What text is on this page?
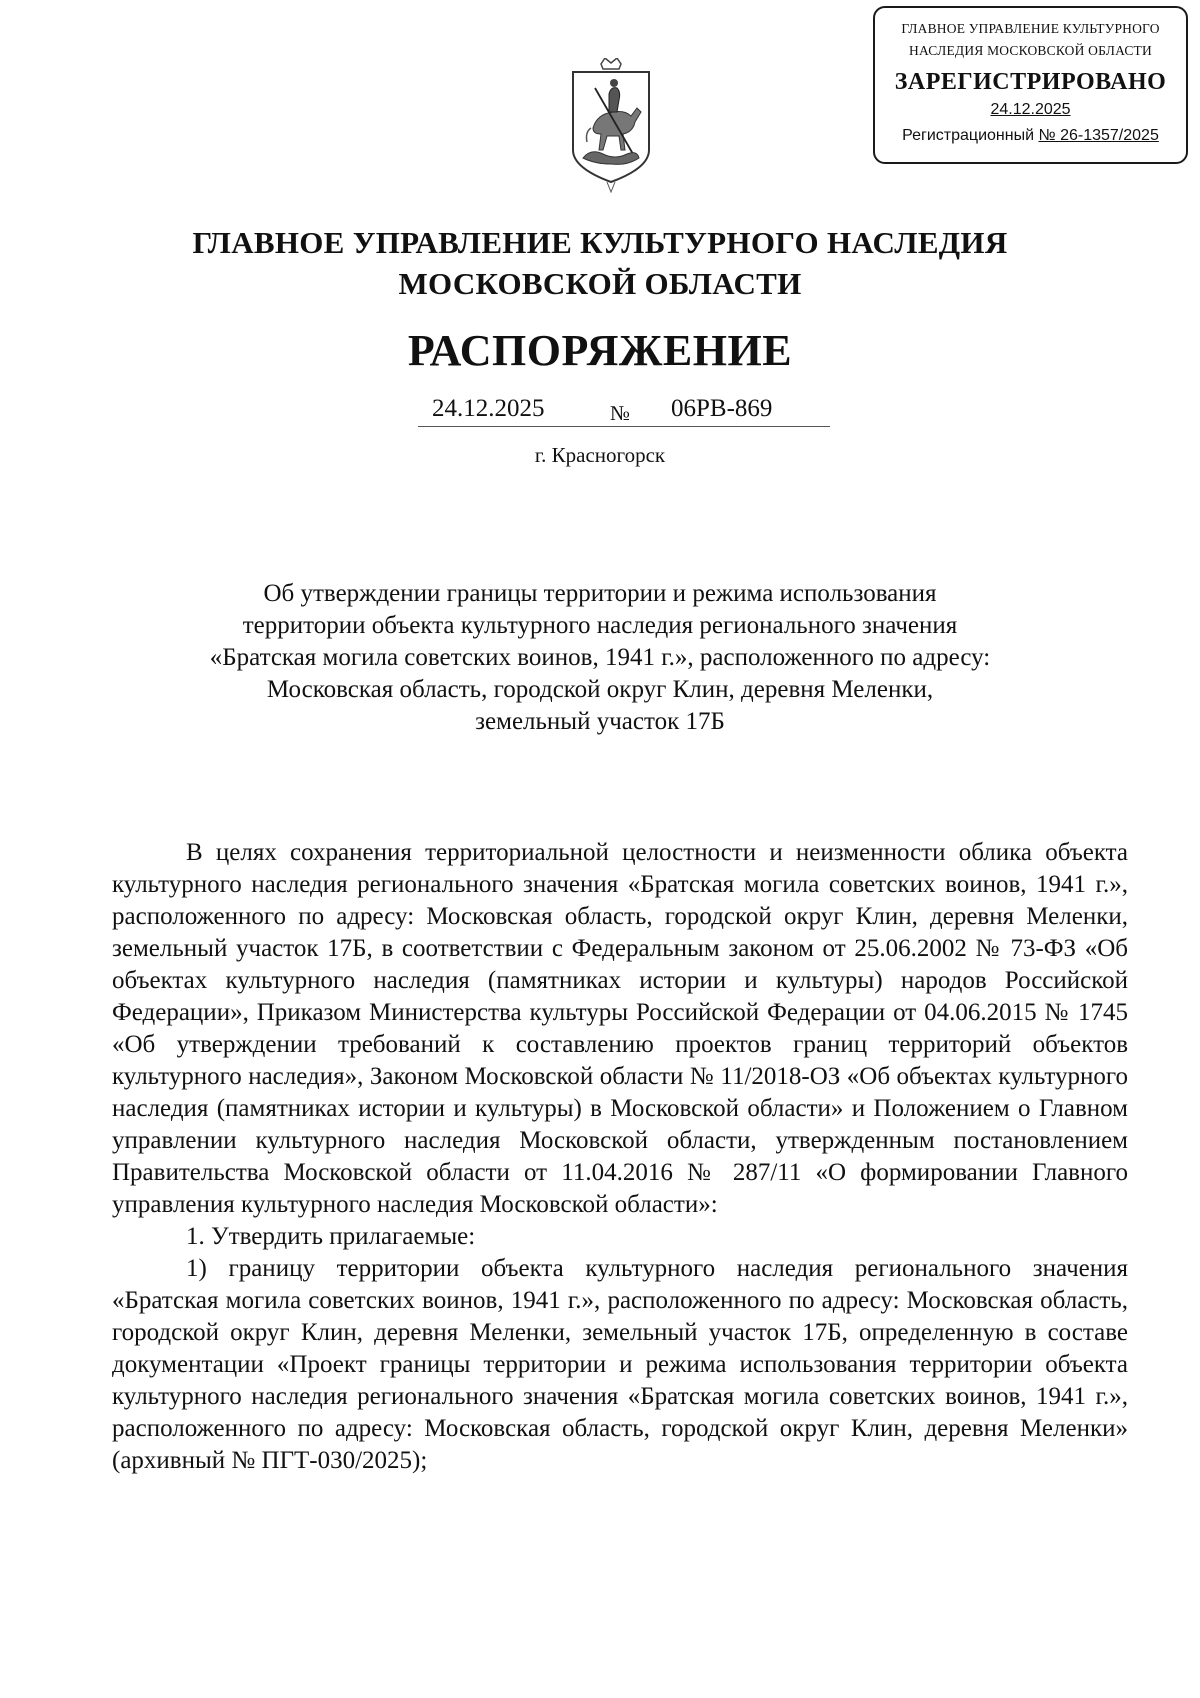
ГЛАВНОЕ УПРАВЛЕНИЕ КУЛЬТУРНОГО
НАСЛЕДИЯ МОСКОВСКОЙ ОБЛАСТИ
ЗАРЕГИСТРИРОВАНО
24.12.2025
Регистрационный № 26-1357/2025
ГЛАВНОЕ УПРАВЛЕНИЕ КУЛЬТУРНОГО НАСЛЕДИЯ
МОСКОВСКОЙ ОБЛАСТИ
РАСПОРЯЖЕНИЕ
24.12.2025	№ 06РВ-869
г. Красногорск
Об утверждении границы территории и режима использования
территории объекта культурного наследия регионального значения
«Братская могила советских воинов, 1941 г.», расположенного по адресу:
Московская область, городской округ Клин, деревня Меленки,
земельный участок 17Б

В целях сохранения территориальной целостности и неизменности облика объекта культурного наследия регионального значения «Братская могила советских воинов, 1941 г.», расположенного по адресу: Московская область, городской округ Клин, деревня Меленки, земельный участок 17Б, в соответствии с Федеральным законом от 25.06.2002 № 73-ФЗ «Об объектах культурного наследия (памятниках истории и культуры) народов Российской Федерации», Приказом Министерства культуры Российской Федерации от 04.06.2015 № 1745 «Об утверждении требований к составлению проектов границ территорий объектов культурного наследия», Законом Московской области № 11/2018-ОЗ «Об объектах культурного наследия (памятниках истории и культуры) в Московской области» и Положением о Главном управлении культурного наследия Московской области, утвержденным постановлением Правительства Московской области от 11.04.2016 № 287/11 «О формировании Главного управления культурного наследия Московской области»:

1. Утвердить прилагаемые:

1) границу территории объекта культурного наследия регионального значения «Братская могила советских воинов, 1941 г.», расположенного по адресу: Московская область, городской округ Клин, деревня Меленки, земельный участок 17Б, определенную в составе документации «Проект границы территории и режима использования территории объекта культурного наследия регионального значения «Братская могила советских воинов, 1941 г.», расположенного по адресу: Московская область, городской округ Клин, деревня Меленки» (архивный № ПГТ-030/2025);
